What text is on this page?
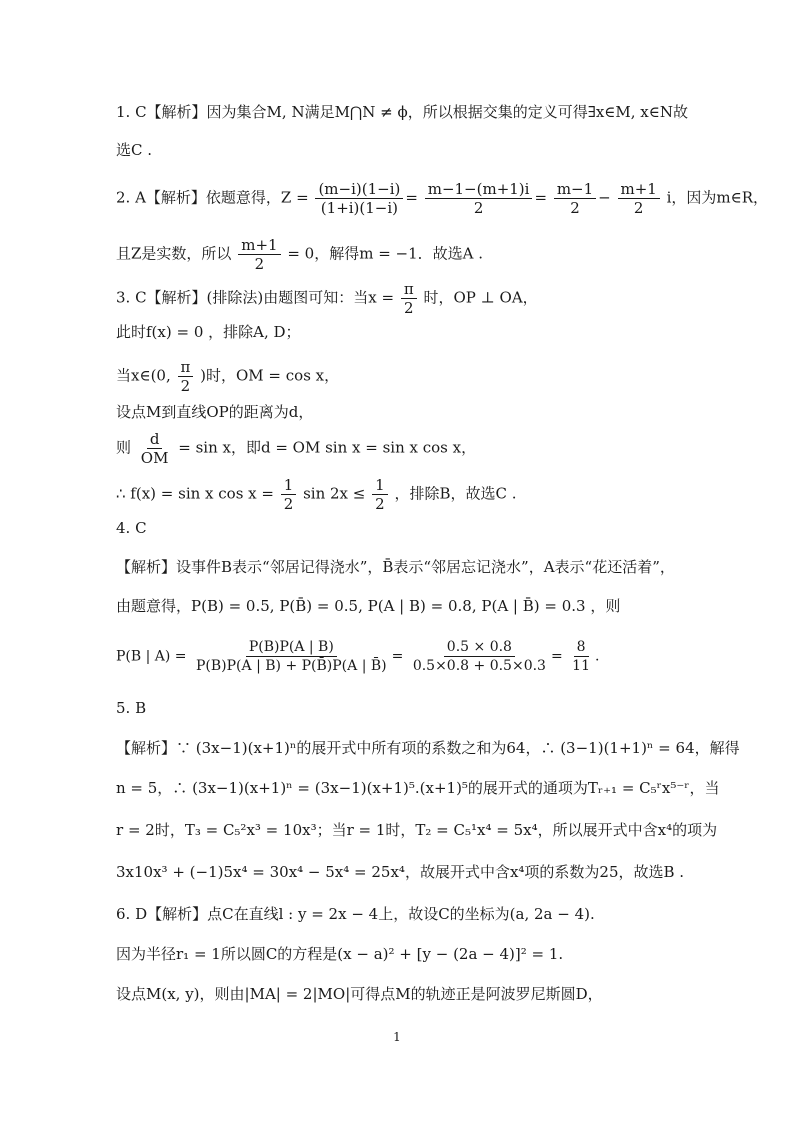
1. C【解析】因为集合M, N满足M⋂N ≠ ϕ，所以根据交集的定义可得∃x∈M, x∈N故
选C .
2. A【解析】依题意得，$Z = \frac{(m-i)(1-i)}{(1+i)(1-i)} = \frac{m-1-(m+1)i}{2} = \frac{m-1}{2} - \frac{m+1}{2}$ i，因为m∈R，
且Z是实数，所以 $\frac{m+1}{2} = 0$，解得m = −1．故选A .
3. C【解析】(排除法)由题图可知：当$x = \frac{\pi}{2}$ 时，OP ⊥ OA，
此时f(x) = 0 ，排除A, D；
当x∈(0, $\frac{\pi}{2}$ )时，OM = cos x，
设点M到直线OP的距离为d，
则 $\frac{d}{OM} = \sin x$，即d = OM sin x = sin x cos x，
∴ f(x) = sin x $\cos x = \frac{1}{2}$ $\sin 2x \le \frac{1}{2}$ ，排除B，故选C .
4. C
【解析】设事件B表示“邻居记得浇水”，B̄表示“邻居忘记浇水”，A表示“花还活着”，
由题意得，P(B) = 0.5, P(B̄) = 0.5, P(A | B) = 0.8, P(A | B̄) = 0.3 ，则
P(B | $A) = \frac{P(B)P(A | B)}{P(B)P(A | B) + P(B̄)P(A | B̄)} = \frac{0.5 \times 0.8}{0.5\times 0.8 + 0.5\times 0.3} = \frac{8}{11}$ .
5. B
【解析】∵ (3x−1)(x+1)ⁿ的展开式中所有项的系数之和为64，∴ (3−1)(1+1)ⁿ = 64，解得
n = 5，∴ (3x−1)(x+1)ⁿ = (3x−1)(x+1)⁵.(x+1)⁵的展开式的通项为Tᵣ₊₁ = C₅ʳx⁵⁻ʳ，当
r = 2时，T₃ = C₅²x³ = 10x³；当r = 1时，T₂ = C₅¹x⁴ = 5x⁴，所以展开式中含x⁴的项为
3x10x³ + (−1)5x⁴ = 30x⁴ − 5x⁴ = 25x⁴，故展开式中含x⁴项的系数为25，故选B .
6. D【解析】点C在直线l : y = 2x − 4上，故设C的坐标为(a, 2a − 4).
因为半径r₁ = 1所以圆C的方程是(x − a)² + [y − (2a − 4)]² = 1.
设点M(x, y)，则由|MA| = 2|MO|可得点M的轨迹正是阿波罗尼斯圆D，
1
